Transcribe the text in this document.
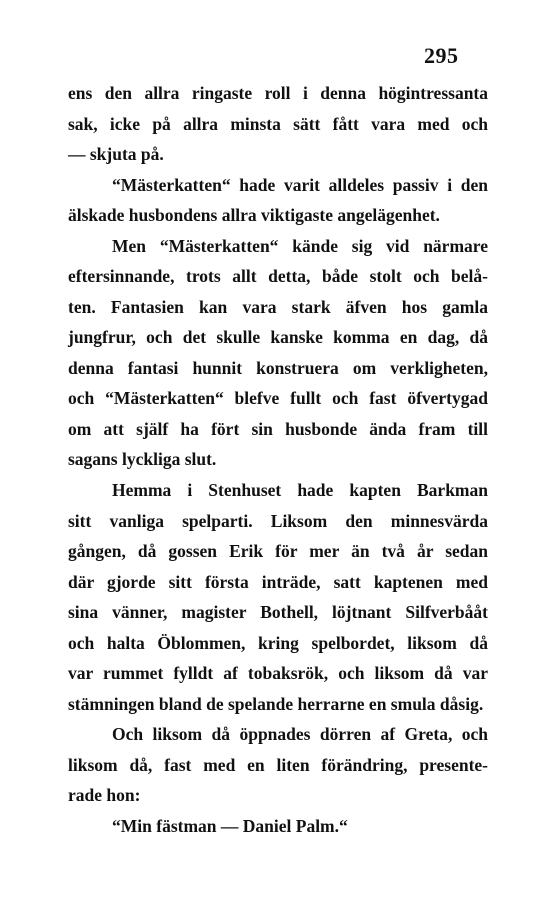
295
ens den allra ringaste roll i denna högintressanta
sak, icke på allra minsta sätt fått vara med och
— skjuta på.
“Mästerkatten“ hade varit alldeles passiv i den
älskade husbondens allra viktigaste angelägenhet.
Men “Mästerkatten“ kände sig vid närmare
eftersinnande, trots allt detta, både stolt och belå-
ten. Fantasien kan vara stark äfven hos gamla
jungfrur, och det skulle kanske komma en dag, då
denna fantasi hunnit konstruera om verkligheten,
och “Mästerkatten“ blefve fullt och fast öfvertygad
om att själf ha fört sin husbonde ända fram till
sagans lyckliga slut.
Hemma i Stenhuset hade kapten Barkman
sitt vanliga spelparti. Liksom den minnesvärda
gången, då gossen Erik för mer än två år sedan
där gjorde sitt första inträde, satt kaptenen med
sina vänner, magister Bothell, löjtnant Silfverbååt
och halta Öblommen, kring spelbordet, liksom då
var rummet fylldt af tobaksrök, och liksom då var
stämningen bland de spelande herrarne en smula dåsig.
Och liksom då öppnades dörren af Greta, och
liksom då, fast med en liten förändring, presente-
rade hon:
“Min fästman — Daniel Palm.“
